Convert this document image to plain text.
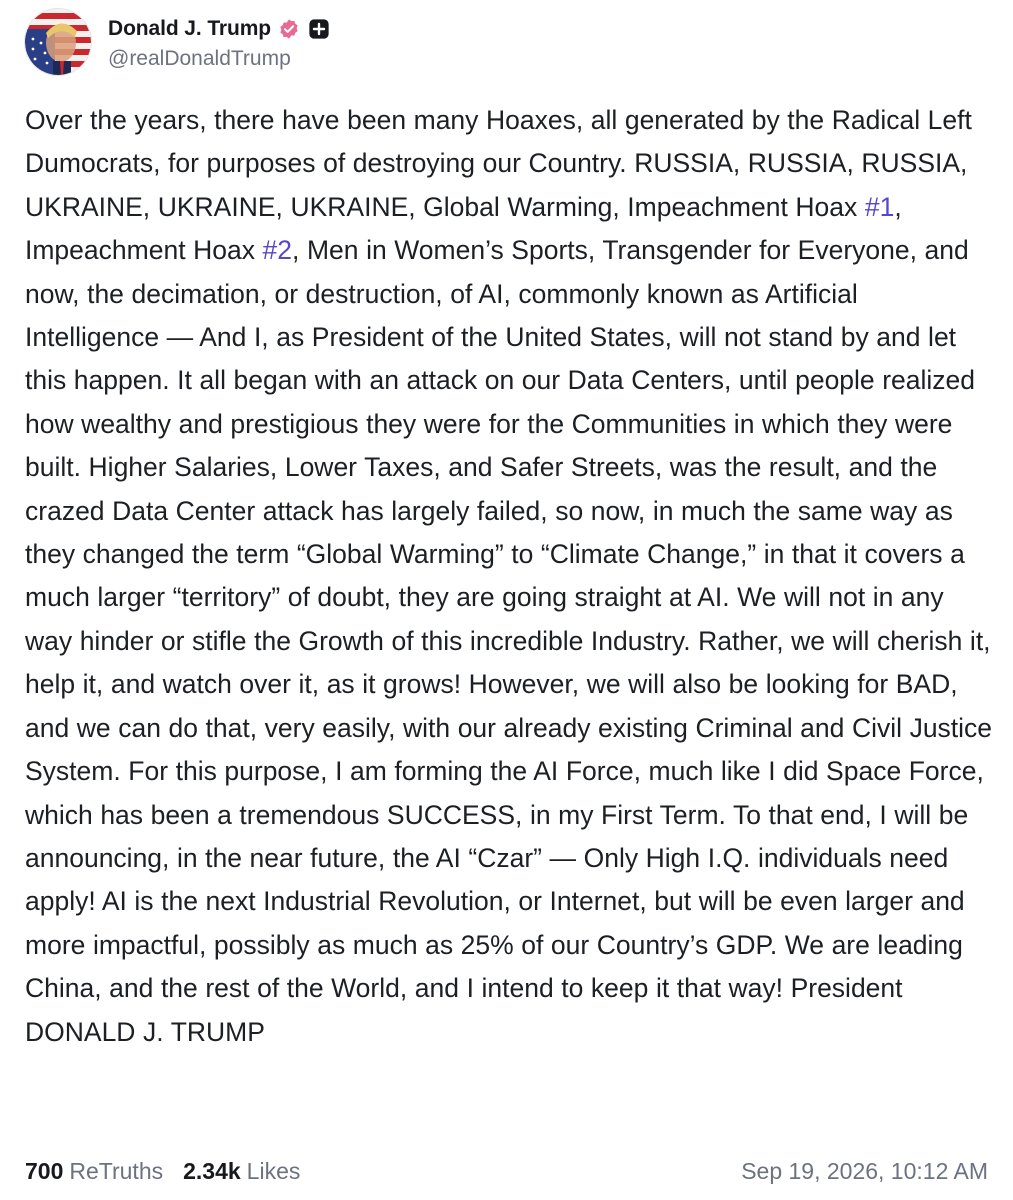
Donald J. Trump
@realDonaldTrump
Over the years, there have been many Hoaxes, all generated by the Radical Left Dumocrats, for purposes of destroying our Country. RUSSIA, RUSSIA, RUSSIA, UKRAINE, UKRAINE, UKRAINE, Global Warming, Impeachment Hoax #1, Impeachment Hoax #2, Men in Women’s Sports, Transgender for Everyone, and now, the decimation, or destruction, of AI, commonly known as Artificial Intelligence — And I, as President of the United States, will not stand by and let this happen. It all began with an attack on our Data Centers, until people realized how wealthy and prestigious they were for the Communities in which they were built. Higher Salaries, Lower Taxes, and Safer Streets, was the result, and the crazed Data Center attack has largely failed, so now, in much the same way as they changed the term “Global Warming” to “Climate Change,” in that it covers a much larger “territory” of doubt, they are going straight at AI. We will not in any way hinder or stifle the Growth of this incredible Industry. Rather, we will cherish it, help it, and watch over it, as it grows! However, we will also be looking for BAD, and we can do that, very easily, with our already existing Criminal and Civil Justice System. For this purpose, I am forming the AI Force, much like I did Space Force, which has been a tremendous SUCCESS, in my First Term. To that end, I will be announcing, in the near future, the AI “Czar” — Only High I.Q. individuals need apply! AI is the next Industrial Revolution, or Internet, but will be even larger and more impactful, possibly as much as 25% of our Country’s GDP. We are leading China, and the rest of the World, and I intend to keep it that way! President DONALD J. TRUMP
700 ReTruths 2.34k Likes	Sep 19, 2026, 10:12 AM
